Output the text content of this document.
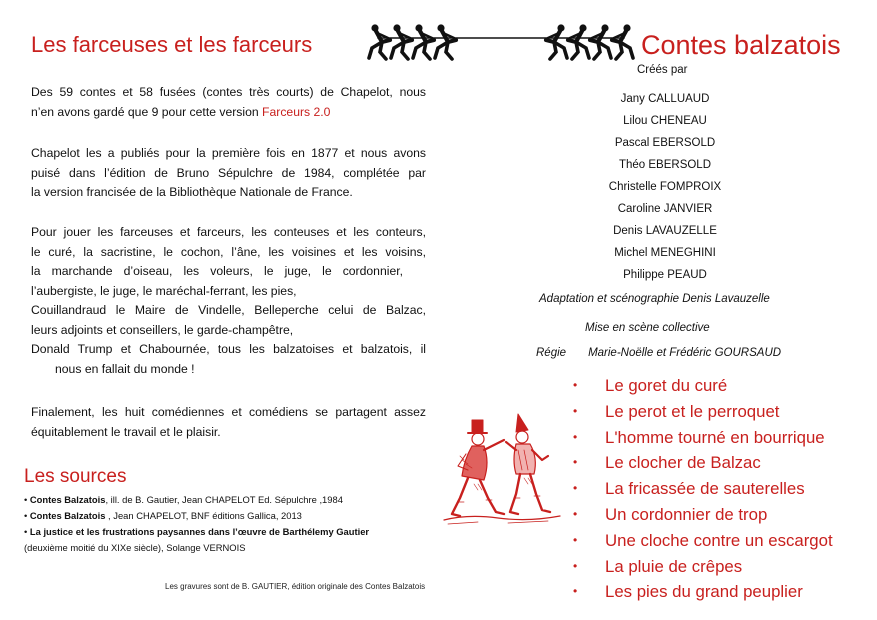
Les farceuses et les farceurs
Des 59 contes et 58 fusées (contes très courts) de Chapelot, nous
n’en avons gardé que 9 pour cette version Farceurs 2.0
Chapelot les a publiés pour la première fois en 1877 et nous avons
puisé dans l’édition de Bruno Sépulchre de 1984, complétée par
la version francisée de la Bibliothèque Nationale de France.
Pour jouer les farceuses et farceurs, les conteuses et les conteurs,
le curé, la sacristine, le cochon, l’âne, les voisines et les voisins,
la marchande d’oiseau, les voleurs, le juge, le cordonnier,
l’aubergiste, le juge, le maréchal-ferrant, les pies,
Couillandraud le Maire de Vindelle, Belleperche celui de Balzac,
leurs adjoints et conseillers, le garde-champêtre,
Donald Trump et Chabournée, tous les balzatoises et balzatois, il
nous en fallait du monde !
Finalement, les huit comédiennes et comédiens se partagent assez
équitablement le travail et le plaisir.
Les sources
• Contes Balzatois, ill. de B. Gautier, Jean CHAPELOT Ed. Sépulchre ,1984
• Contes Balzatois , Jean CHAPELOT, BNF éditions Gallica, 2013
• La justice et les frustrations paysannes dans l’œuvre de Barthélemy Gautier
(deuxième moitié du XIXe siècle), Solange VERNOIS
Les gravures sont de B. GAUTIER, édition originale des Contes Balzatois
Contes balzatois
Créés par
Jany CALLUAUD
Lilou CHENEAU
Pascal EBERSOLD
Théo EBERSOLD
Christelle FOMPROIX
Caroline JANVIER
Denis LAVAUZELLE
Michel MENEGHINI
Philippe PEAUD
Adaptation et scénographie Denis Lavauzelle
Mise en scène collective
Régie Marie-Noëlle et Frédéric GOURSAUD
• Le goret du curé
• Le perot et le perroquet
• L'homme tourné en bourrique
• Le clocher de Balzac
• La fricassée de sauterelles
• Un cordonnier de trop
• Une cloche contre un escargot
• La pluie de crêpes
• Les pies du grand peuplier
